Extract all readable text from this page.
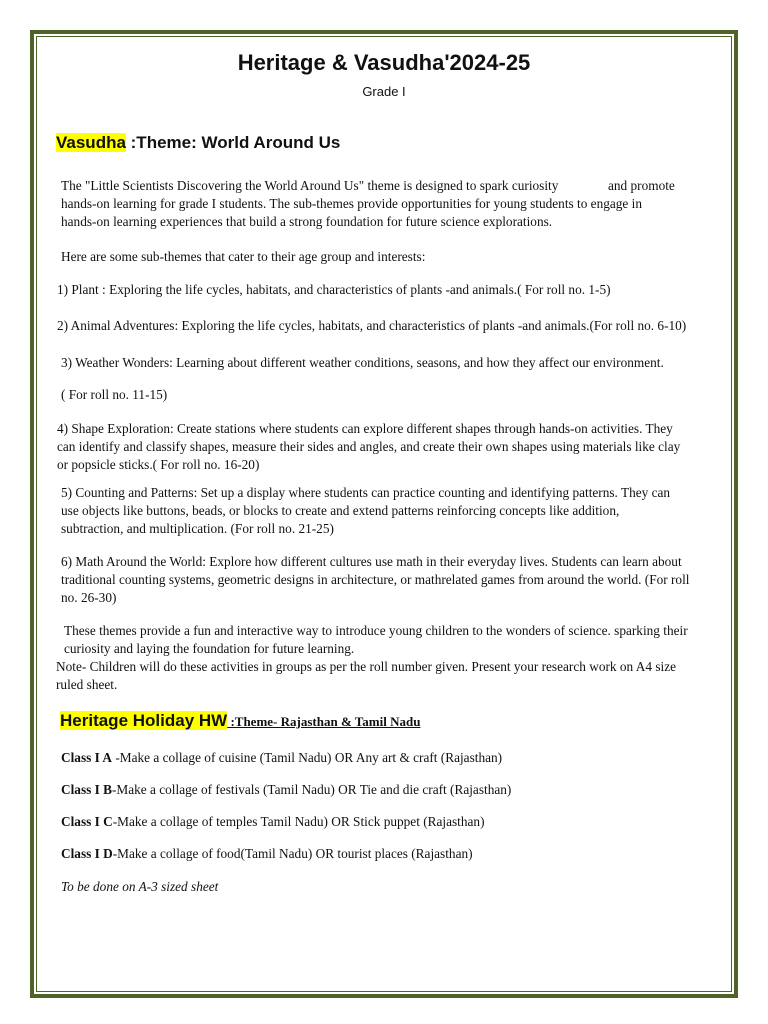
Heritage & Vasudha'2024-25
Grade I
Vasudha :Theme: World Around Us
The "Little Scientists Discovering the World Around Us" theme is designed to spark curiosity	and promote
hands-on learning for grade I students. The sub-themes provide opportunities for young students to engage in
hands-on learning experiences that build a strong foundation for future science explorations.
Here are some sub-themes that cater to their age group and interests:
1) Plant : Exploring the life cycles, habitats, and characteristics of plants -and animals.( For roll no. 1-5)
2) Animal Adventures: Exploring the life cycles, habitats, and characteristics of plants -and animals.(For roll no. 6-10)
3) Weather Wonders: Learning about different weather conditions, seasons, and how they affect our environment.
( For roll no. 11-15)
4) Shape Exploration: Create stations where students can explore different shapes through hands-on activities. They
can identify and classify shapes, measure their sides and angles, and create their own shapes using materials like clay
or popsicle sticks.( For roll no. 16-20)
5) Counting and Patterns: Set up a display where students can practice counting and identifying patterns. They can
use objects like buttons, beads, or blocks to create and extend patterns reinforcing concepts like addition,
subtraction, and multiplication. (For roll no. 21-25)
6) Math Around the World: Explore how different cultures use math in their everyday lives. Students can learn about
traditional counting systems, geometric designs in architecture, or mathrelated games from around the world. (For roll
no. 26-30)
These themes provide a fun and interactive way to introduce young children to the wonders of science. sparking their
curiosity and laying the foundation for future learning.
Note- Children will do these activities in groups as per the roll number given. Present your research work on A4 size
ruled sheet.
Heritage Holiday HW :Theme- Rajasthan & Tamil Nadu
Class I A -Make a collage of cuisine (Tamil Nadu) OR Any art & craft (Rajasthan)
Class I B-Make a collage of festivals (Tamil Nadu) OR Tie and die craft (Rajasthan)
Class I C-Make a collage of temples Tamil Nadu) OR Stick puppet (Rajasthan)
Class I D-Make a collage of food(Tamil Nadu) OR tourist places (Rajasthan)
To be done on A-3 sized sheet
